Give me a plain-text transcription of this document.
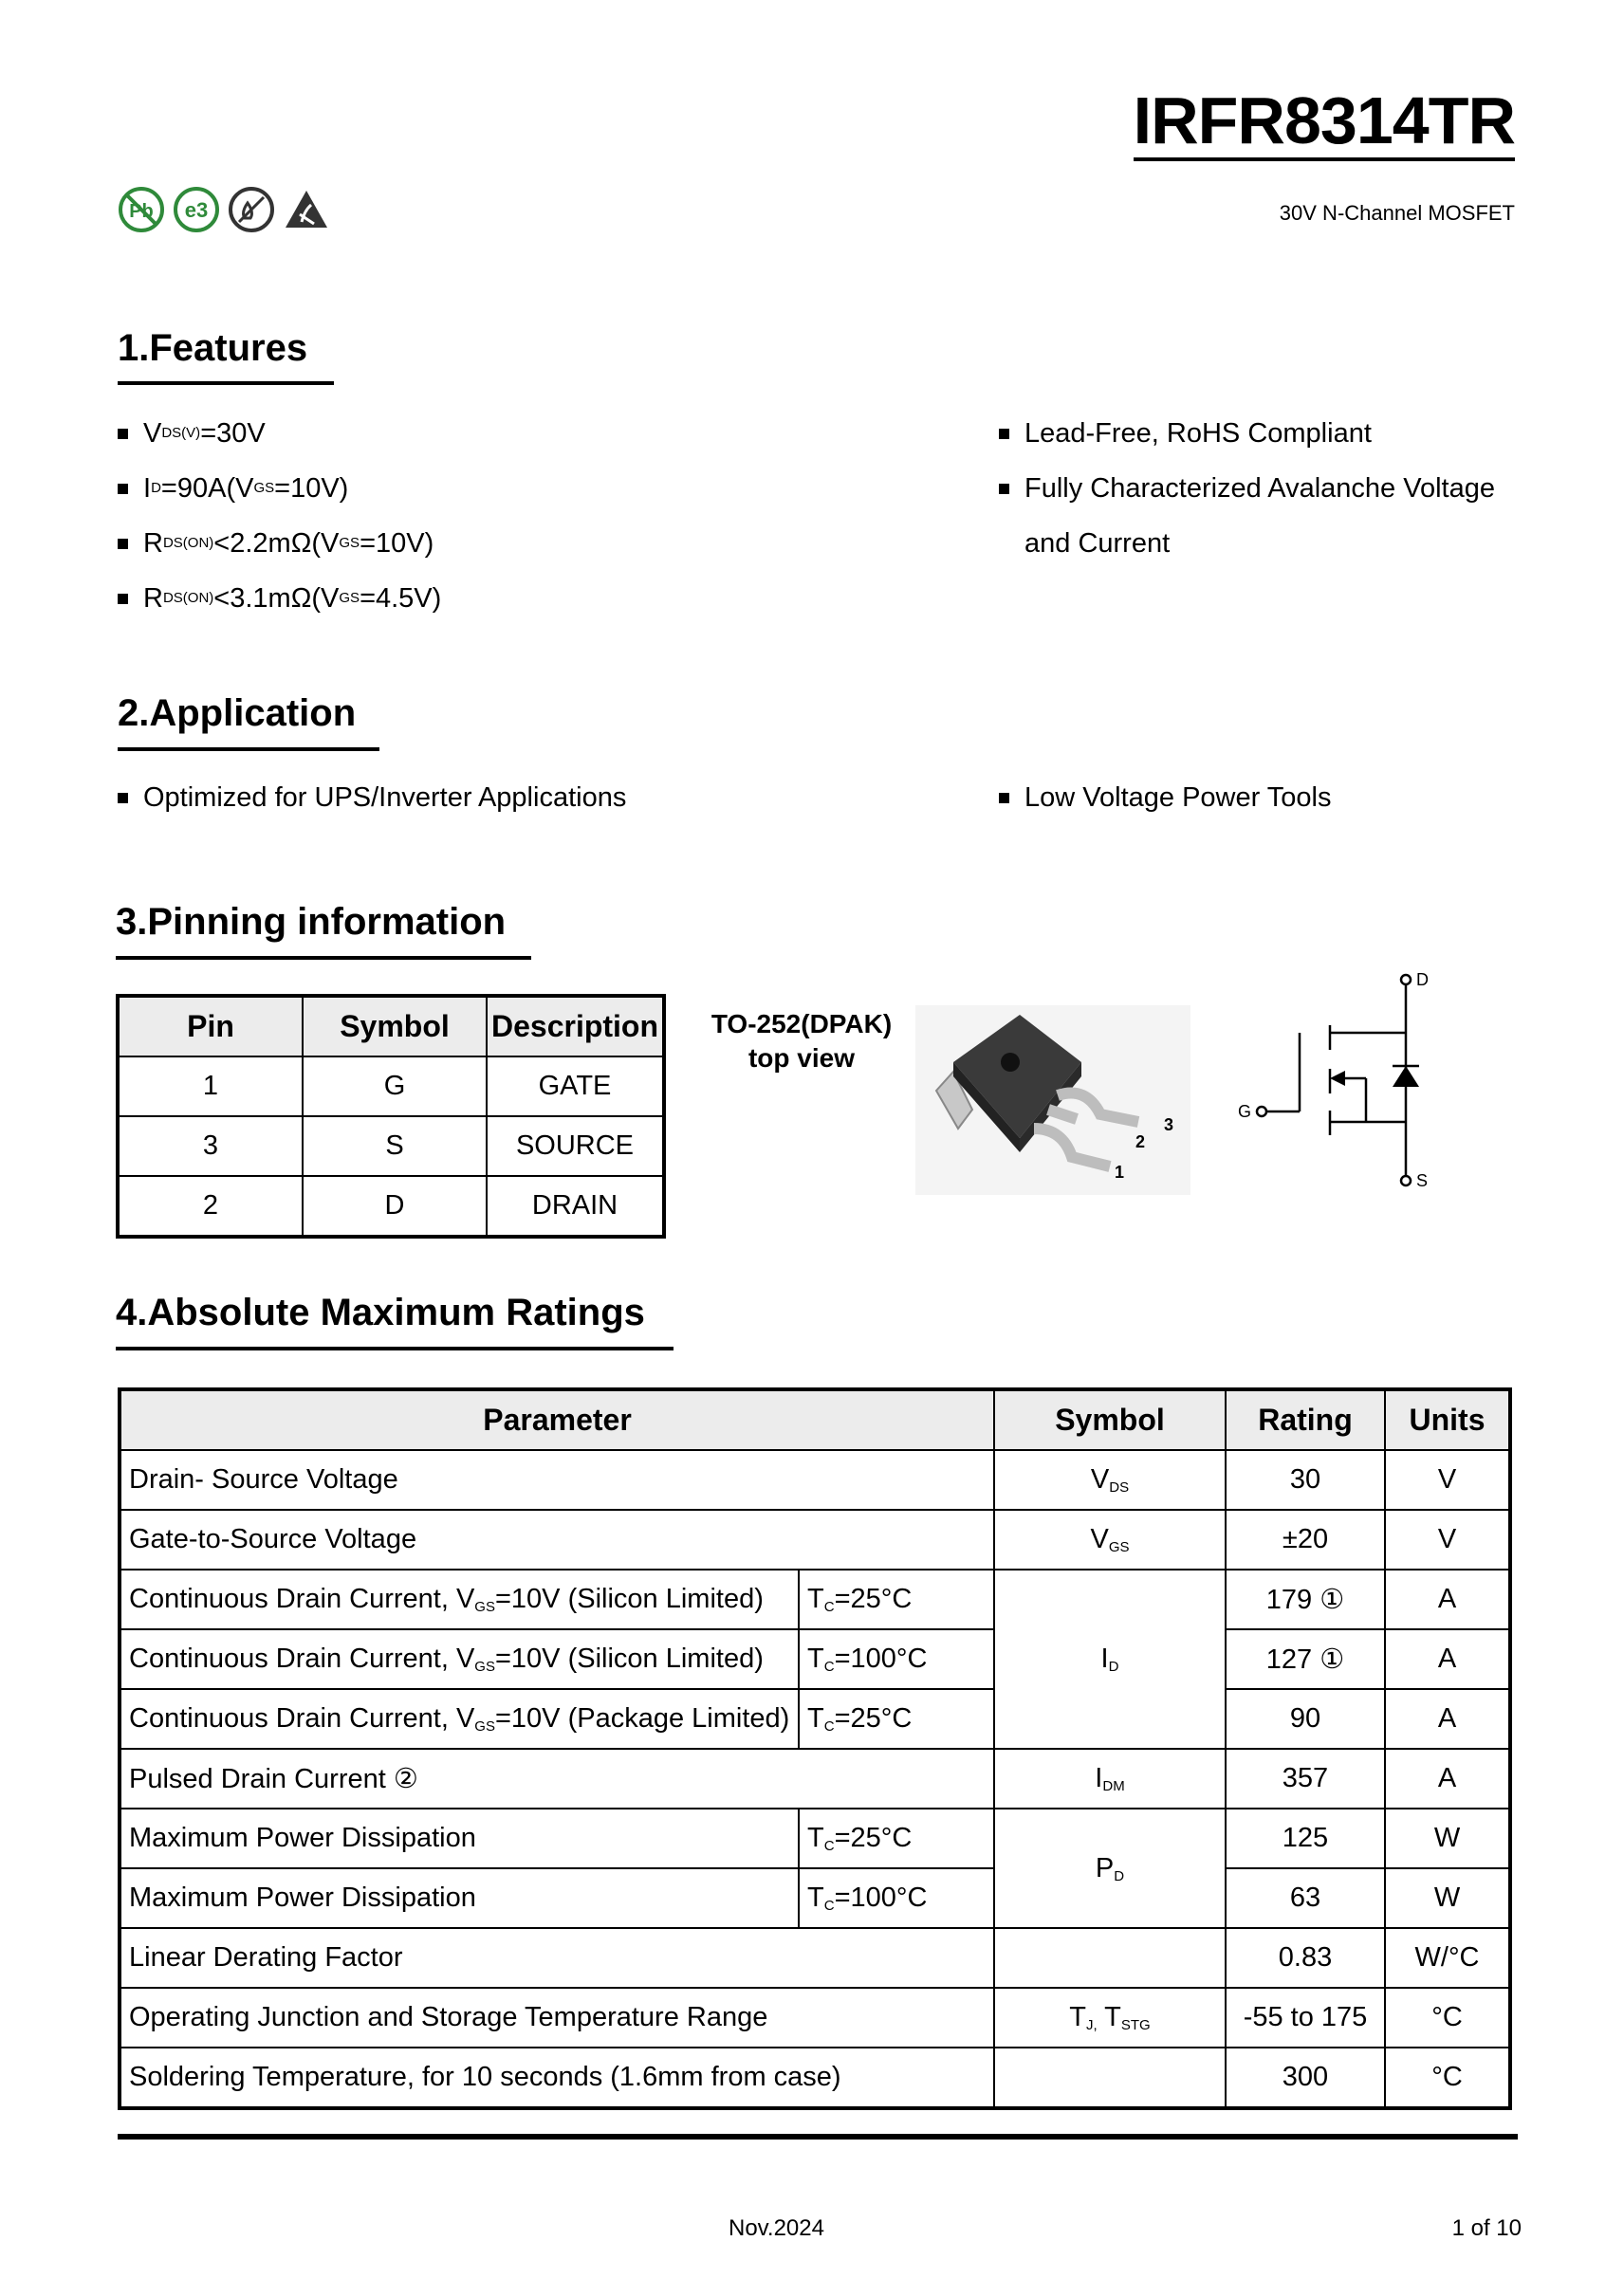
IRFR8314TR
30V N-Channel MOSFET
Pb e3
1.Features
V DS(V) =30V
I D =90A(V GS =10V)
R DS(ON) <2.2mΩ(V GS =10V)
R DS(ON) <3.1mΩ(V GS =4.5V)
Lead-Free, RoHS Compliant
Fully Characterized Avalanche Voltage
and Current
2.Application
Optimized for UPS/Inverter Applications	Low Voltage Power Tools
3.Pinning information
Pin	Symbol	Description
1	G	GATE
3	S	SOURCE
2	D	DRAIN
TO-252(DPAK)
top view
3
2
1
D
G
S
4.Absolute Maximum Ratings
Parameter		Symbol	Rating	Units
Drain- Source Voltage		$V_{DS}$	30	V
Gate-to-Source Voltage		$V_{GS}$	±20	V
Continuous Drain Current, $V_{GS}=10V$ (Silicon Limited)	$T_C=25^\circ C$	$I_D$	179 ①	A
Continuous Drain Current, $V_{GS}=10V$ (Silicon Limited)	$T_C=100^\circ C$		127 ①	A
Continuous Drain Current, $V_{GS}=10V$ (Package Limited)	$T_C=25^\circ C$		90	A
Pulsed Drain Current ②		$I_{DM}$	357	A
Maximum Power Dissipation	$T_C=25^\circ C$	$P_D$	125	W
Maximum Power Dissipation	$T_C=100^\circ C$		63	W
Linear Derating Factor			0.83	W/°C
Operating Junction and Storage Temperature Range		$T_{J,}$ $T_{STG}$	-55 to 175	°C
Soldering Temperature, for 10 seconds (1.6mm from case)			300	°C
Nov.2024	1 of 10
